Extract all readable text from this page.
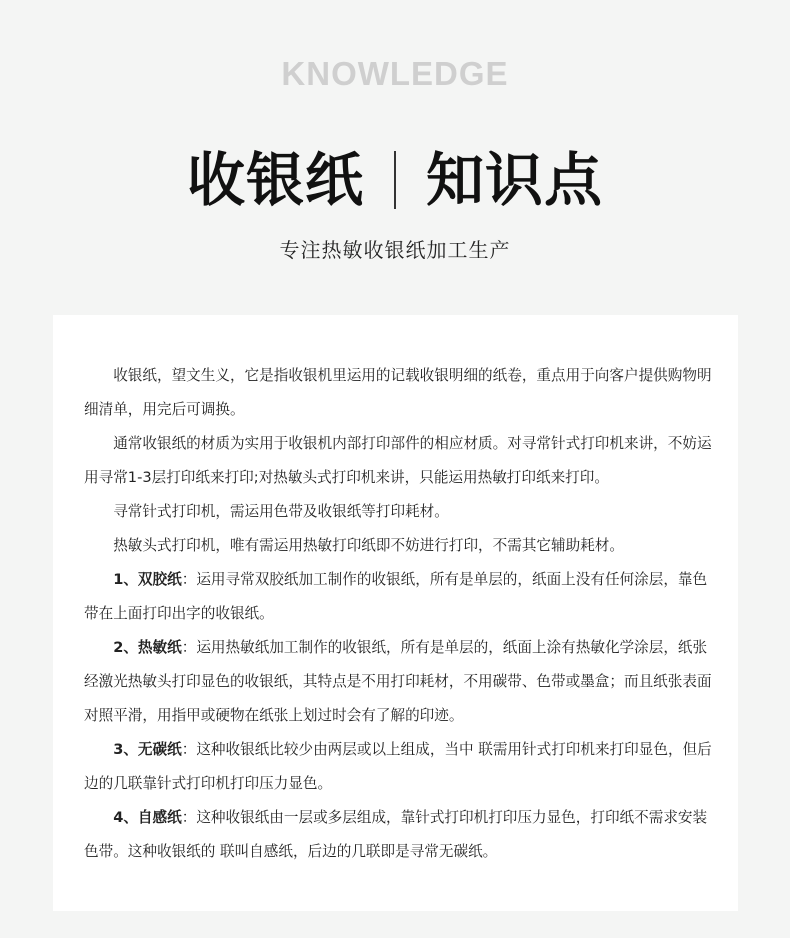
KNOWLEDGE
收银纸 知识点
专注热敏收银纸加工生产

收银纸，望文生义，它是指收银机里运用的记载收银明细的纸卷，重点用于向客户提供购物明细清单，用完后可调换。

通常收银纸的材质为实用于收银机内部打印部件的相应材质。对寻常针式打印机来讲，不妨运用寻常1-3层打印纸来打印;对热敏头式打印机来讲，只能运用热敏打印纸来打印。

寻常针式打印机，需运用色带及收银纸等打印耗材。

热敏头式打印机，唯有需运用热敏打印纸即不妨进行打印，不需其它辅助耗材。

1、双胶纸：运用寻常双胶纸加工制作的收银纸，所有是单层的，纸面上没有任何涂层，靠色带在上面打印出字的收银纸。

2、热敏纸：运用热敏纸加工制作的收银纸，所有是单层的，纸面上涂有热敏化学涂层，纸张经激光热敏头打印显色的收银纸，其特点是不用打印耗材，不用碳带、色带或墨盒；而且纸张表面对照平滑，用指甲或硬物在纸张上划过时会有了解的印迹。

3、无碳纸：这种收银纸比较少由两层或以上组成，当中 联需用针式打印机来打印显色，但后边的几联靠针式打印机打印压力显色。

4、自感纸：这种收银纸由一层或多层组成，靠针式打印机打印压力显色，打印纸不需求安装色带。这种收银纸的 联叫自感纸，后边的几联即是寻常无碳纸。
